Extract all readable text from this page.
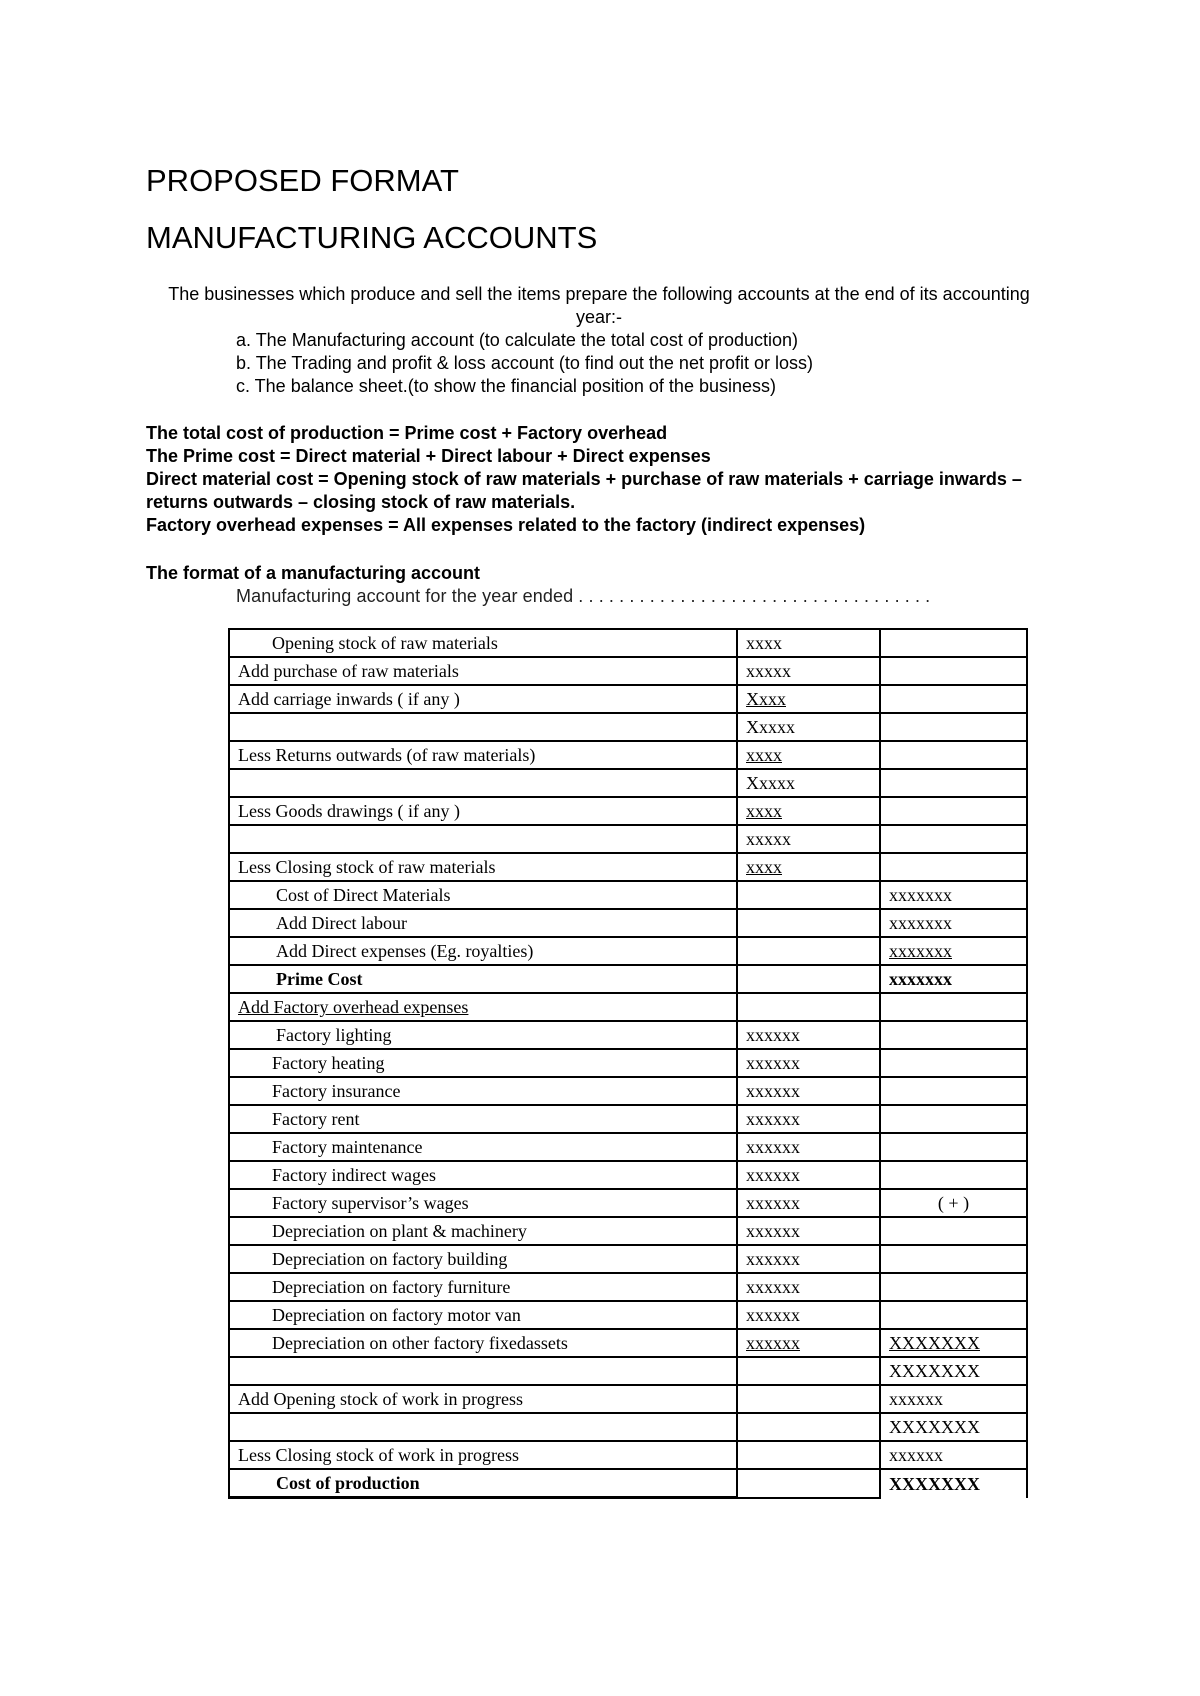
PROPOSED FORMAT
MANUFACTURING ACCOUNTS
The businesses which produce and sell the items prepare the following accounts at the end of its accounting year:-
a. The Manufacturing account (to calculate the total cost of production)
b. The Trading and profit & loss account (to find out the net profit or loss)
c. The balance sheet.(to show the financial position of the business)
The total cost of production = Prime cost + Factory overhead
The Prime cost = Direct material + Direct labour + Direct expenses
Direct material cost = Opening stock of raw materials + purchase of raw materials + carriage inwards – returns outwards – closing stock of raw materials.
Factory overhead expenses = All expenses related to the factory (indirect expenses)
The format of a manufacturing account
Manufacturing account for the year ended . . . . . . . . . . . . . . . . . . . . . . . . . . . . . . . . . . .
Opening stock of raw materials	xxxx	
Add purchase of raw materials	xxxxx	
Add carriage inwards ( if any )	Xxxx	
	Xxxxx	
Less Returns outwards (of raw materials)	xxxx	
	Xxxxx	
Less Goods drawings ( if any )	xxxx	
	xxxxx	
Less Closing stock of raw materials	xxxx	
Cost of Direct Materials		xxxxxxx
Add Direct labour		xxxxxxx
Add Direct expenses (Eg. royalties)		xxxxxxx
Prime Cost		xxxxxxx
Add Factory overhead expenses		
Factory lighting	xxxxxx	
Factory heating	xxxxxx	
Factory insurance	xxxxxx	
Factory rent	xxxxxx	
Factory maintenance	xxxxxx	
Factory indirect wages	xxxxxx	
Factory supervisor’s wages	xxxxxx	( + )
Depreciation on plant & machinery	xxxxxx	
Depreciation on factory building	xxxxxx	
Depreciation on factory furniture	xxxxxx	
Depreciation on factory motor van	xxxxxx	
Depreciation on other factory fixedassets	xxxxxx	XXXXXXX
		XXXXXXX
Add Opening stock of work in progress		xxxxxx
		XXXXXXX
Less Closing stock of work in progress		xxxxxx
Cost of production		XXXXXXX
